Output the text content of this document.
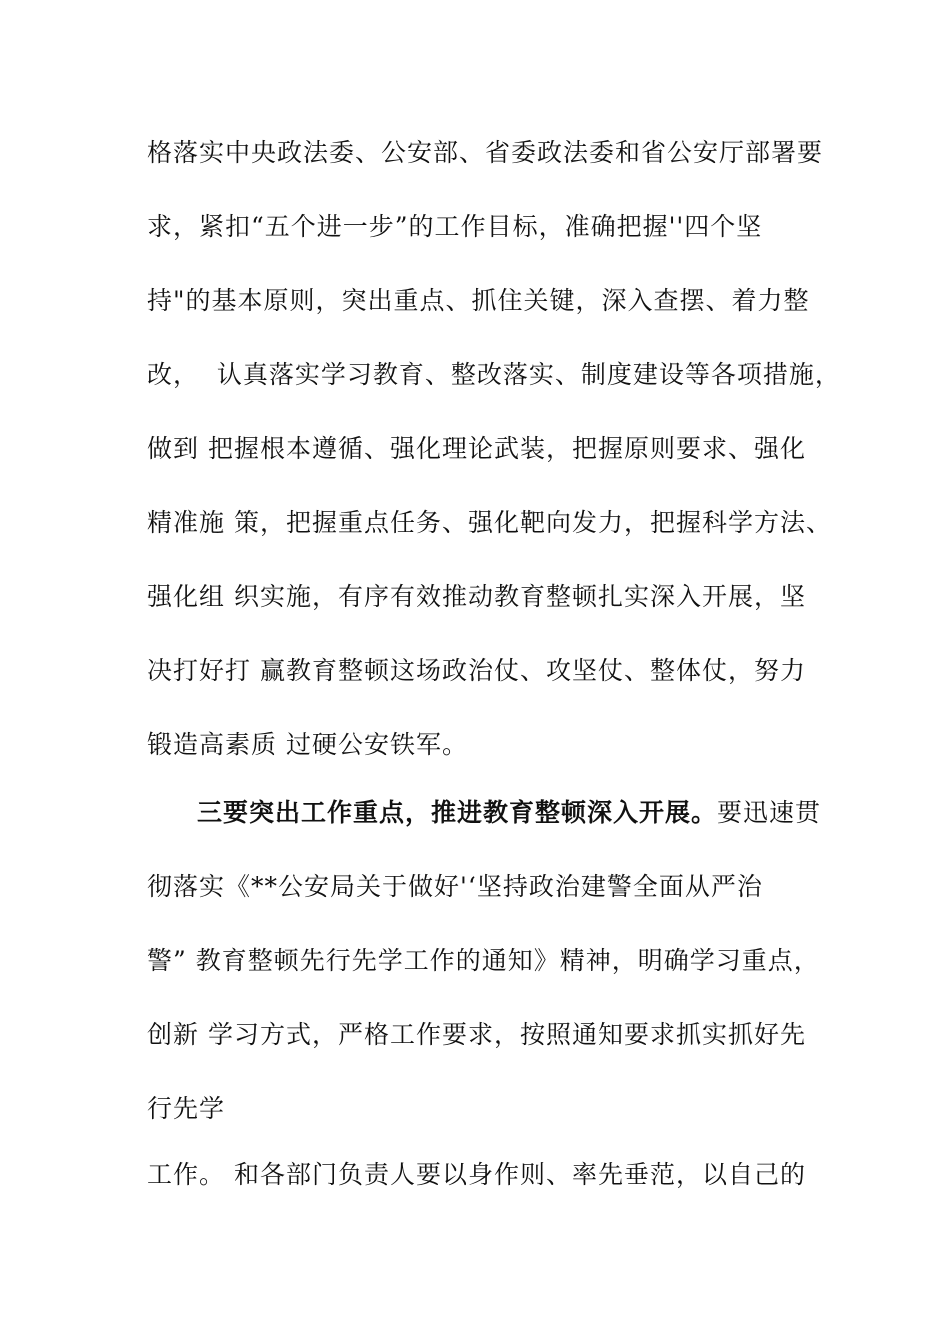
格落实中央政法委、公安部、省委政法委和省公安厅部署要
求，紧扣“五个进一步”的工作目标，准确把握''四个坚
持"的基本原则，突出重点、抓住关键，深入查摆、着力整
改，  认真落实学习教育、整改落实、制度建设等各项措施，
做到 把握根本遵循、强化理论武装，把握原则要求、强化
精准施 策，把握重点任务、强化靶向发力，把握科学方法、
强化组 织实施，有序有效推动教育整顿扎实深入开展，坚
决打好打 赢教育整顿这场政治仗、攻坚仗、整体仗，努力
锻造高素质 过硬公安铁军。
三要突出工作重点，推进教育整顿深入开展。要迅速贯
彻落实《**公安局关于做好'‘坚持政治建警全面从严治
警” 教育整顿先行先学工作的通知》精神，明确学习重点，
创新 学习方式，严格工作要求，按照通知要求抓实抓好先
行先学
工作。 和各部门负责人要以身作则、率先垂范，以自己的
